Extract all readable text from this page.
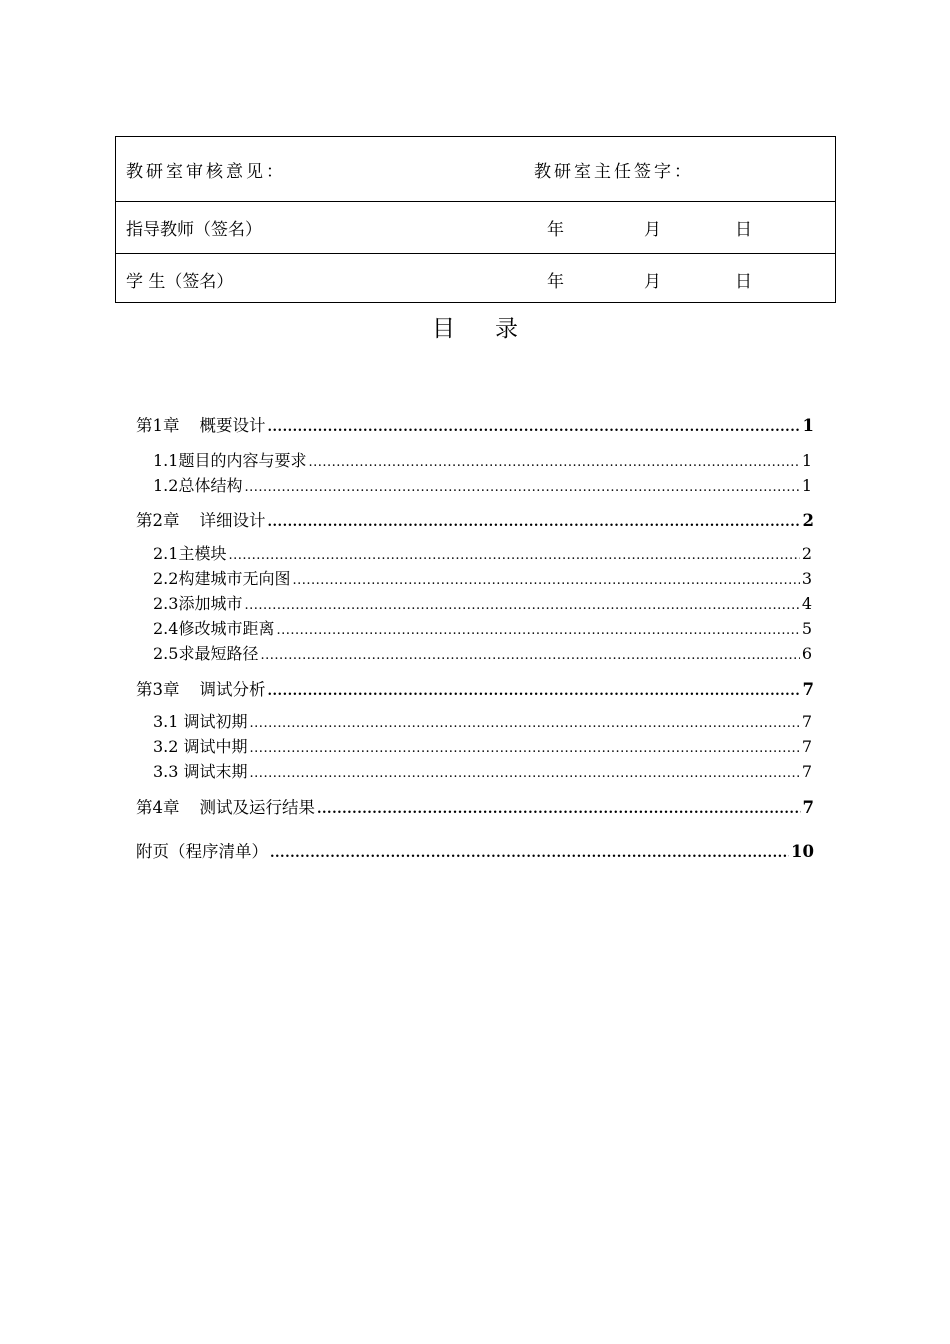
教研室审核意见：	教研室主任签字：
指导教师（签名）	年	月	日
学 生（签名）	年	月	日
目录
第1章 概要设计 .....	1
1.1题目的内容与要求 .....	1
1.2总体结构 .....	1
第2章 详细设计 .....	2
2.1主模块 .....	2
2.2构建城市无向图 .....	3
2.3添加城市 .....	4
2.4修改城市距离 .....	5
2.5求最短路径 .....	6
第3章 调试分析 .....	7
3.1 调试初期 .....	7
3.2 调试中期 .....	7
3.3 调试末期 .....	7
第4章 测试及运行结果 .....	7
附页（程序清单） .....	10
